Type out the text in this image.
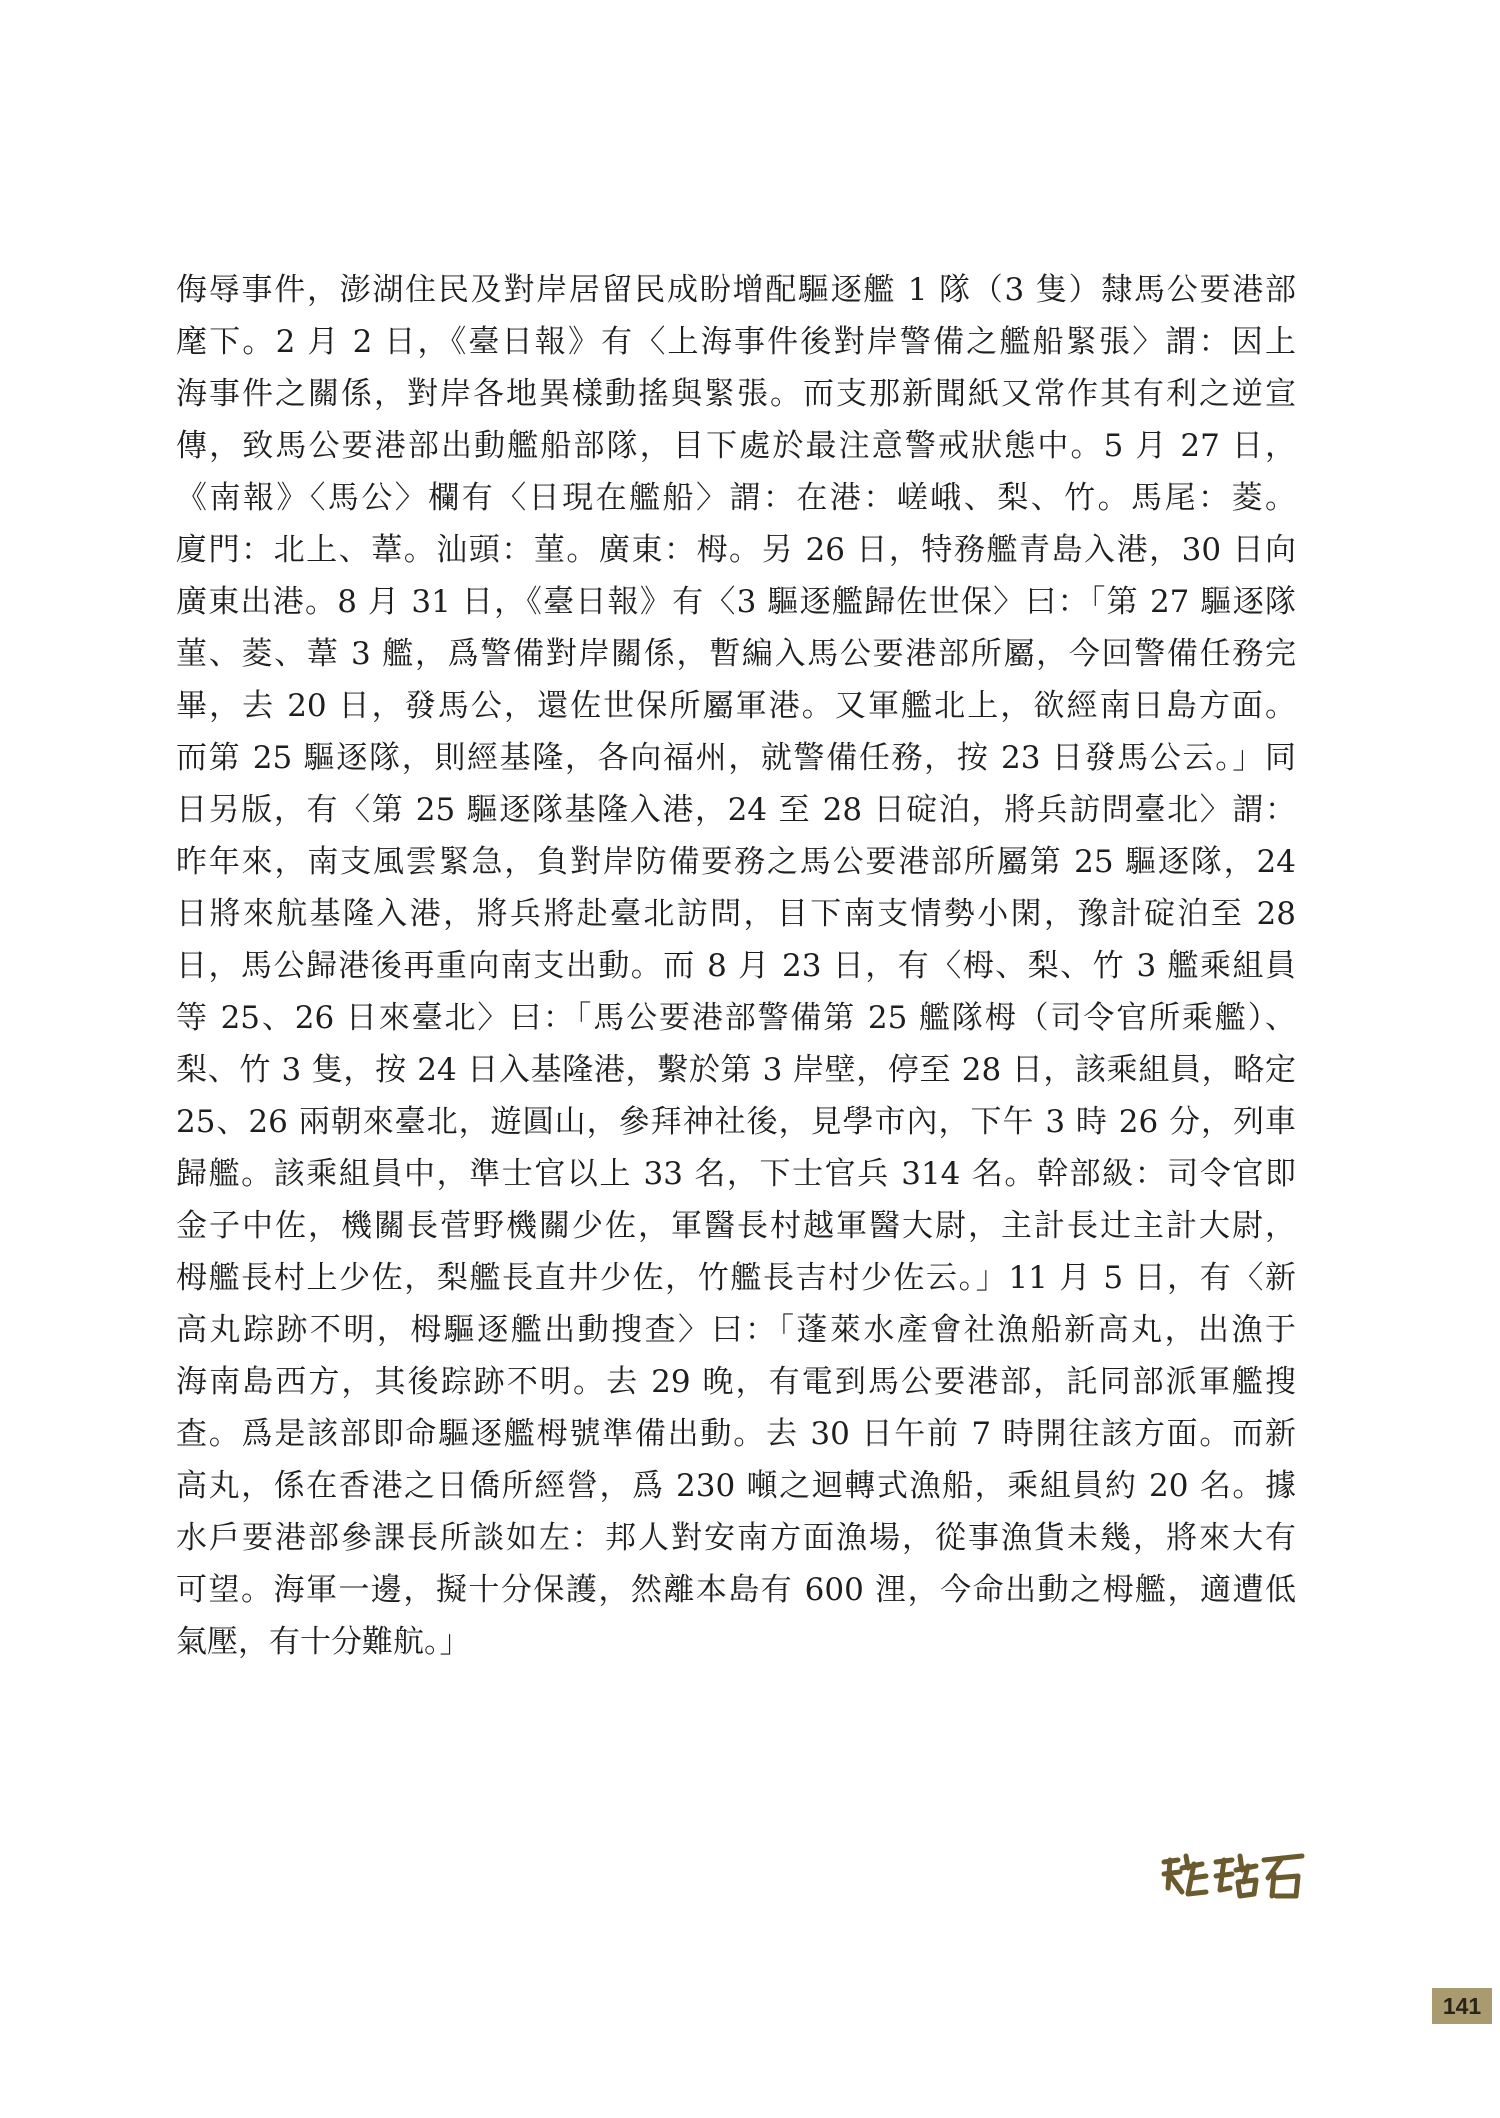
侮辱事件，澎湖住民及對岸居留民成盼增配驅逐艦 1 隊（3 隻）隸馬公要港部
麾下。2 月 2 日，《臺日報》有〈上海事件後對岸警備之艦船緊張〉謂：因上
海事件之關係，對岸各地異樣動搖與緊張。而支那新聞紙又常作其有利之逆宣
傳，致馬公要港部出動艦船部隊，目下處於最注意警戒狀態中。5 月 27 日，
《南報》〈馬公〉欄有〈日現在艦船〉謂：在港：嵯峨、梨、竹。馬尾：菱。
廈門：北上、葦。汕頭：菫。廣東：栂。另 26 日，特務艦青島入港，30 日向
廣東出港。8 月 31 日，《臺日報》有〈3 驅逐艦歸佐世保〉曰：「第 27 驅逐隊
菫、菱、葦 3 艦，爲警備對岸關係，暫編入馬公要港部所屬，今回警備任務完
畢，去 20 日，發馬公，還佐世保所屬軍港。又軍艦北上，欲經南日島方面。
而第 25 驅逐隊，則經基隆，各向福州，就警備任務，按 23 日發馬公云。」同
日另版，有〈第 25 驅逐隊基隆入港，24 至 28 日碇泊，將兵訪問臺北〉謂：
昨年來，南支風雲緊急，負對岸防備要務之馬公要港部所屬第 25 驅逐隊，24
日將來航基隆入港，將兵將赴臺北訪問，目下南支情勢小閑，豫計碇泊至 28
日，馬公歸港後再重向南支出動。而 8 月 23 日，有〈栂、梨、竹 3 艦乘組員
等 25、26 日來臺北〉曰：「馬公要港部警備第 25 艦隊栂（司令官所乘艦）、
梨、竹 3 隻，按 24 日入基隆港，繫於第 3 岸壁，停至 28 日，該乘組員，略定
25、26 兩朝來臺北，遊圓山，參拜神社後，見學市內，下午 3 時 26 分，列車
歸艦。該乘組員中，準士官以上 33 名，下士官兵 314 名。幹部級：司令官即
金子中佐，機關長菅野機關少佐，軍醫長村越軍醫大尉，主計長辻主計大尉，
栂艦長村上少佐，梨艦長直井少佐，竹艦長吉村少佐云。」11 月 5 日，有〈新
高丸踪跡不明，栂驅逐艦出動搜查〉曰：「蓬萊水產會社漁船新高丸，出漁于
海南島西方，其後踪跡不明。去 29 晚，有電到馬公要港部，託同部派軍艦搜
查。爲是該部即命驅逐艦栂號準備出動。去 30 日午前 7 時開往該方面。而新
高丸，係在香港之日僑所經營，爲 230 噸之迴轉式漁船，乘組員約 20 名。據
水戶要港部參課長所談如左：邦人對安南方面漁場，從事漁貨未幾，將來大有
可望。海軍一邊，擬十分保護，然離本島有 600 浬，今命出動之栂艦，適遭低
氣壓，有十分難航。」
141
